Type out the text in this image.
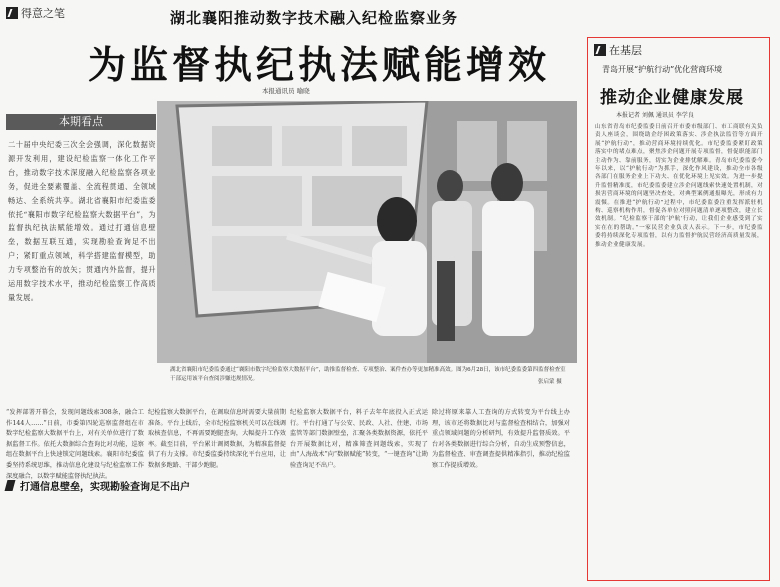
得意之笔	湖北襄阳推动数字技术融入纪检监察业务
为监督执纪执法赋能增效
本报通讯员 喻晓
本期看点
二十届中央纪委三次全会强调，深化数据资源开发利用，建设纪检监察一体化工作平台，推动数字技术深度融入纪检监察各项业务，促进全要素覆盖、全流程贯通、全领域畅达、全系统共享。湖北省襄阳市纪委监委依托“襄阳市数字纪检监察大数据平台”，为监督执纪执法赋能增效。通过打通信息壁垒，数据互联互通，实现勘验查询足不出户；紧盯重点领域，科学搭建监督模型，助力专项整治有的放矢；贯通内外监督，提升运用数字技术水平，推动纪检监察工作高质量发展。
湖北省襄阳市纪委监委通过“襄阳市数字纪检监察大数据平台”，助推监督检查、专项整治、案件查办等更加精准高效。图为6月28日，该市纪委监委第四监督检查室干部运用该平台查阅涉嫌违规情况。	张启蒙 摄
打通信息壁垒，实现勘验查询足不出户
“发挥部署开幕会，发现问题线索308条，融合工作144人……”日前，市委第四轮巡察监督组在市数字纪检监察大数据平台上，对有关单位进行了数据监督工作。依托大数据综合查询比对功能，巡察组在数据平台上快速锁定问题线索。襄阳市纪委监委坚持系统思维，推动信息化建设与纪检监察工作深度融合，以数字赋能监督执纪执法。
纪检监察大数据平台，在调取信息时需要大量前期准备。平台上线后，全市纪检监察机关可以在线调取核查信息，不再需要跑腿查询，大幅提升工作效率。截至目前，平台累计调阅数据，为精准监督提供了有力支撑。市纪委监委持续深化平台应用，让数据多跑路、干部少跑腿。
纪检监察大数据平台，料子去年年底投入正式运行。平台打通了与公安、民政、人社、住建、市场监管等部门数据壁垒，汇聚各类数据资源，依托平台开展数据比对，精准筛查问题线索，实现了由“人海战术”向“数据赋能”转变，“一键查询”让勘验查询足不出户。
除过将原来靠人工查询的方式转变为平台线上办理，该市还将数据比对与监督检查相结合，加强对重点领域问题的分析研判，有效提升监督质效。平台对各类数据进行综合分析，自动生成预警信息，为监督检查、审查调查提供精准指引，推动纪检监察工作提质增效。
在基层
青岛开展“护航行动”优化营商环境
推动企业健康发展
本报记者 刘佩 通讯员 李学良
山东省青岛市纪委监委日前召开市委市级部门、市工商联有关负责人座谈会，围绕助企纾困政策落实、涉企执法监管等方面开展“护航行动”，推动营商环境持续优化。市纪委监委紧盯政策落实中的堵点难点，聚焦涉企问题开展专项监督，督促职能部门主动作为、靠前服务，切实为企业排忧解难。青岛市纪委监委今年以来，以“护航行动”为抓手，深化作风建设，推动全市各级各部门在服务企业上下功夫、在优化环境上见实效。为进一步提升监督精准度，市纪委监委建立涉企问题线索快速处置机制，对损害营商环境的问题坚决查处，对典型案例通报曝光，形成有力震慑。在推进“护航行动”过程中，市纪委监委注重发挥派驻机构、巡察机构作用，督促各单位对照问题清单逐项整改，建立长效机制。“纪检监察干部的‘护航’行动，让我们企业感受到了实实在在的帮助。”一家民营企业负责人表示。下一步，市纪委监委将持续深化专项监督，以有力监督护航民营经济高质量发展，推动企业健康发展。
